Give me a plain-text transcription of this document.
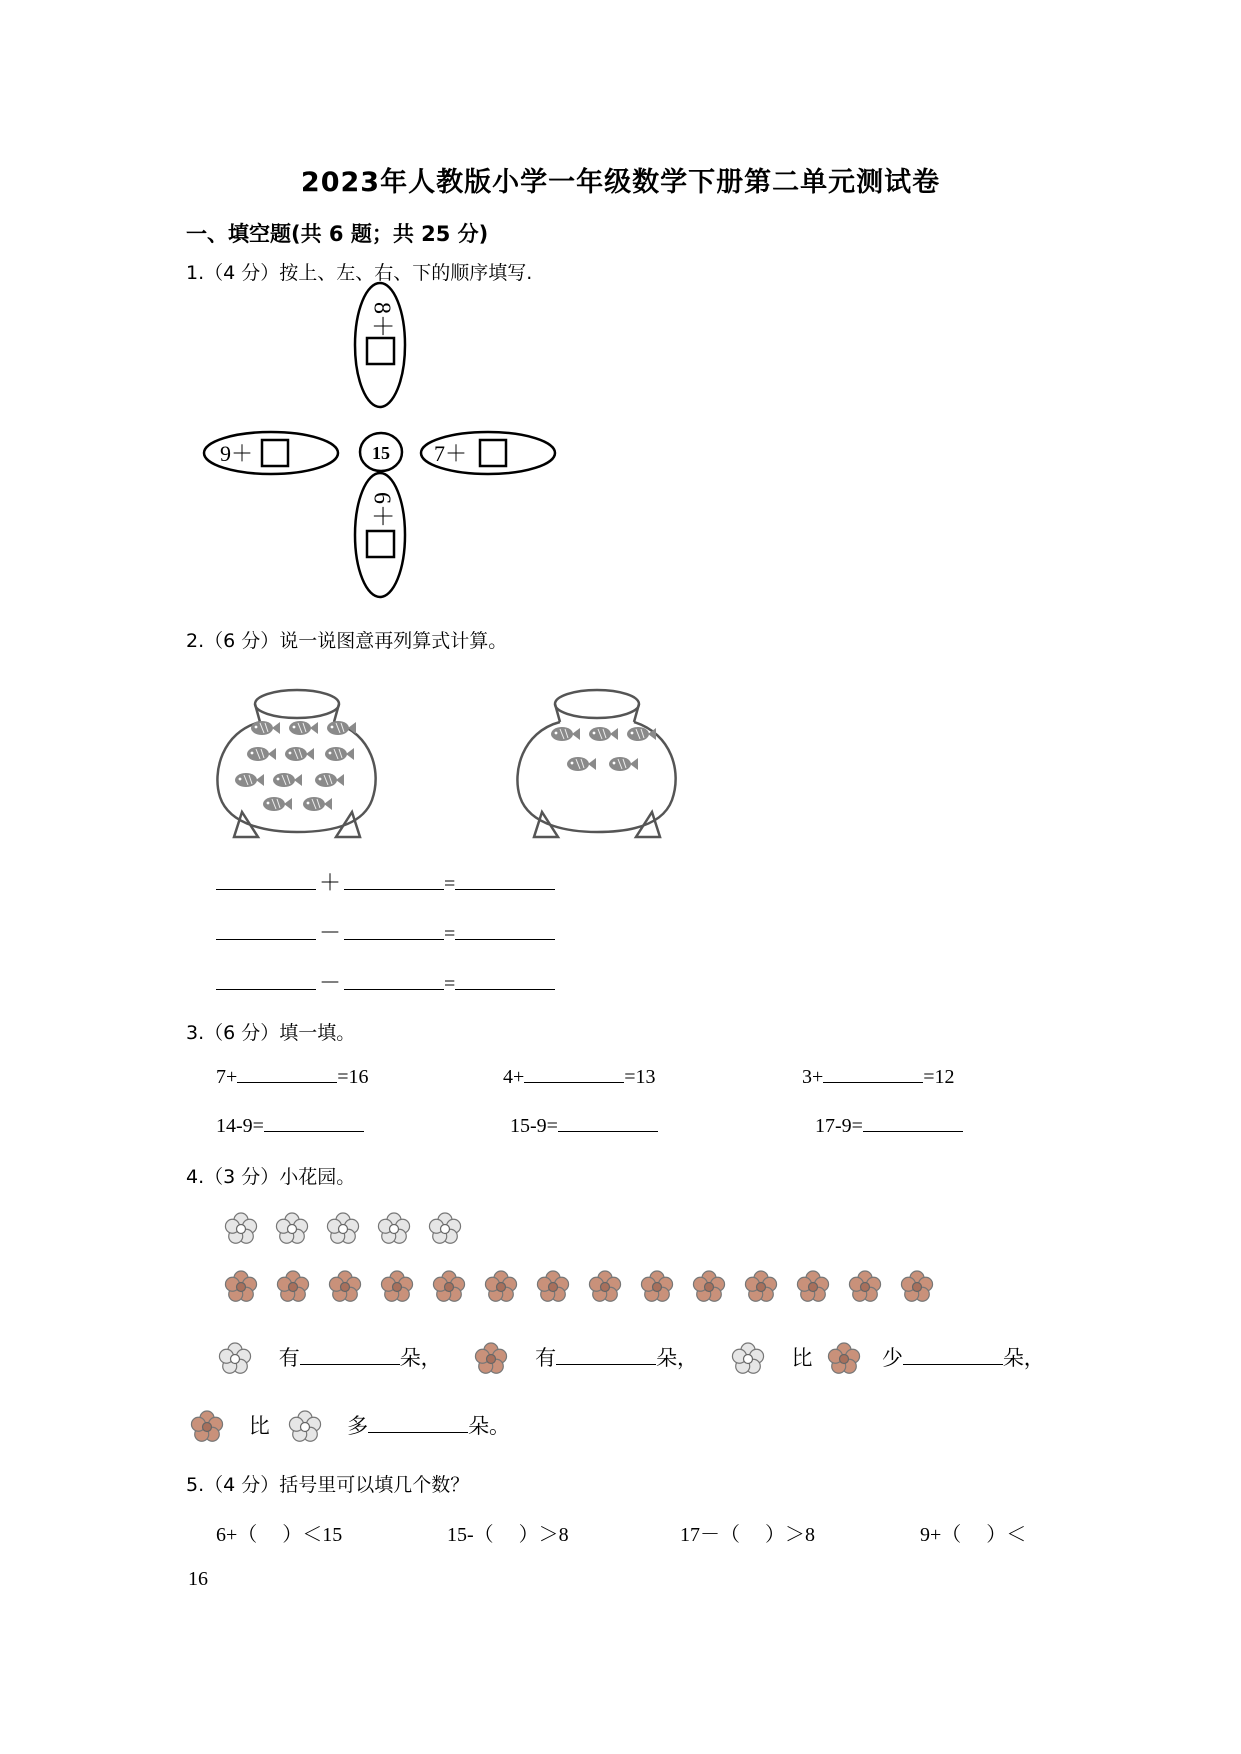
2023年人教版小学一年级数学下册第二单元测试卷
一、填空题(共 6 题；共 25 分)
1.（4 分）按上、左、右、下的顺序填写.
8＋
6＋
9＋	7＋
15
2.（6 分）说一说图意再列算式计算。
＋	=
－	=
－	=
3.（6 分）填一填。
7+	=16	4+	=13	3+	=12
14-9=	15-9=	17-9=
4.（3 分）小花园。
有	朵，	有	朵，	比	少	朵，
比	多	朵。
5.（4 分）括号里可以填几个数？
6+（　 ）＜15	15-（　 ）＞8	17－（　 ）＞8	9+（　 ）＜
16
